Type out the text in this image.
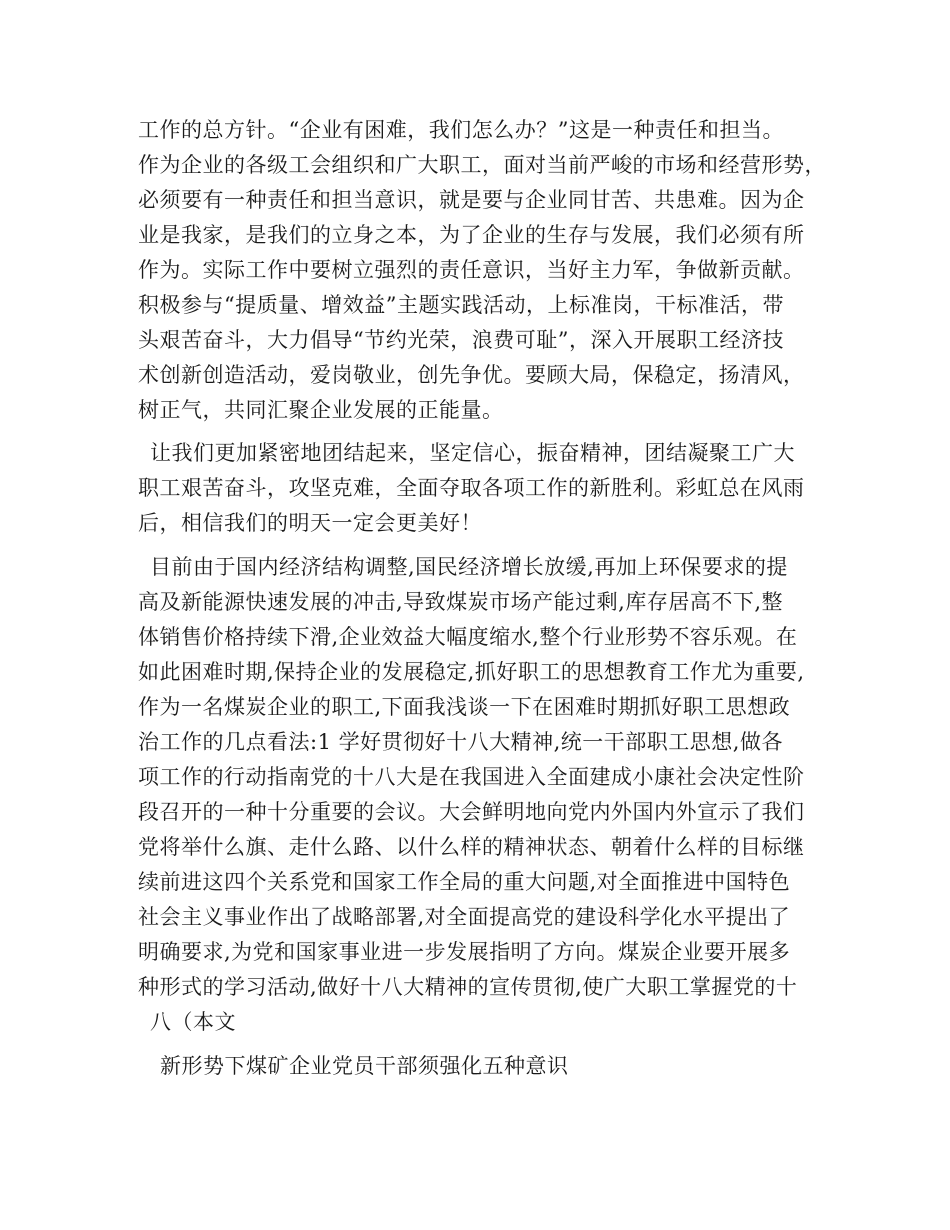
工作的总方针。“企业有困难，我们怎么办？”这是一种责任和担当。
作为企业的各级工会组织和广大职工，面对当前严峻的市场和经营形势，
必须要有一种责任和担当意识，就是要与企业同甘苦、共患难。因为企
业是我家，是我们的立身之本，为了企业的生存与发展，我们必须有所
作为。实际工作中要树立强烈的责任意识，当好主力军，争做新贡献。
积极参与“提质量、增效益”主题实践活动，上标准岗，干标准活，带
头艰苦奋斗，大力倡导“节约光荣，浪费可耻”，深入开展职工经济技
术创新创造活动，爱岗敬业，创先争优。要顾大局，保稳定，扬清风，
树正气，共同汇聚企业发展的正能量。
让我们更加紧密地团结起来，坚定信心，振奋精神，团结凝聚工广大
职工艰苦奋斗，攻坚克难，全面夺取各项工作的新胜利。彩虹总在风雨
后，相信我们的明天一定会更美好！
目前由于国内经济结构调整,国民经济增长放缓,再加上环保要求的提
高及新能源快速发展的冲击,导致煤炭市场产能过剩,库存居高不下,整
体销售价格持续下滑,企业效益大幅度缩水,整个行业形势不容乐观。在
如此困难时期,保持企业的发展稳定,抓好职工的思想教育工作尤为重要,
作为一名煤炭企业的职工,下面我浅谈一下在困难时期抓好职工思想政
治工作的几点看法:1 学好贯彻好十八大精神,统一干部职工思想,做各
项工作的行动指南党的十八大是在我国进入全面建成小康社会决定性阶
段召开的一种十分重要的会议。大会鲜明地向党内外国内外宣示了我们
党将举什么旗、走什么路、以什么样的精神状态、朝着什么样的目标继
续前进这四个关系党和国家工作全局的重大问题,对全面推进中国特色
社会主义事业作出了战略部署,对全面提高党的建设科学化水平提出了
明确要求,为党和国家事业进一步发展指明了方向。煤炭企业要开展多
种形式的学习活动,做好十八大精神的宣传贯彻,使广大职工掌握党的十
八（本文
新形势下煤矿企业党员干部须强化五种意识
